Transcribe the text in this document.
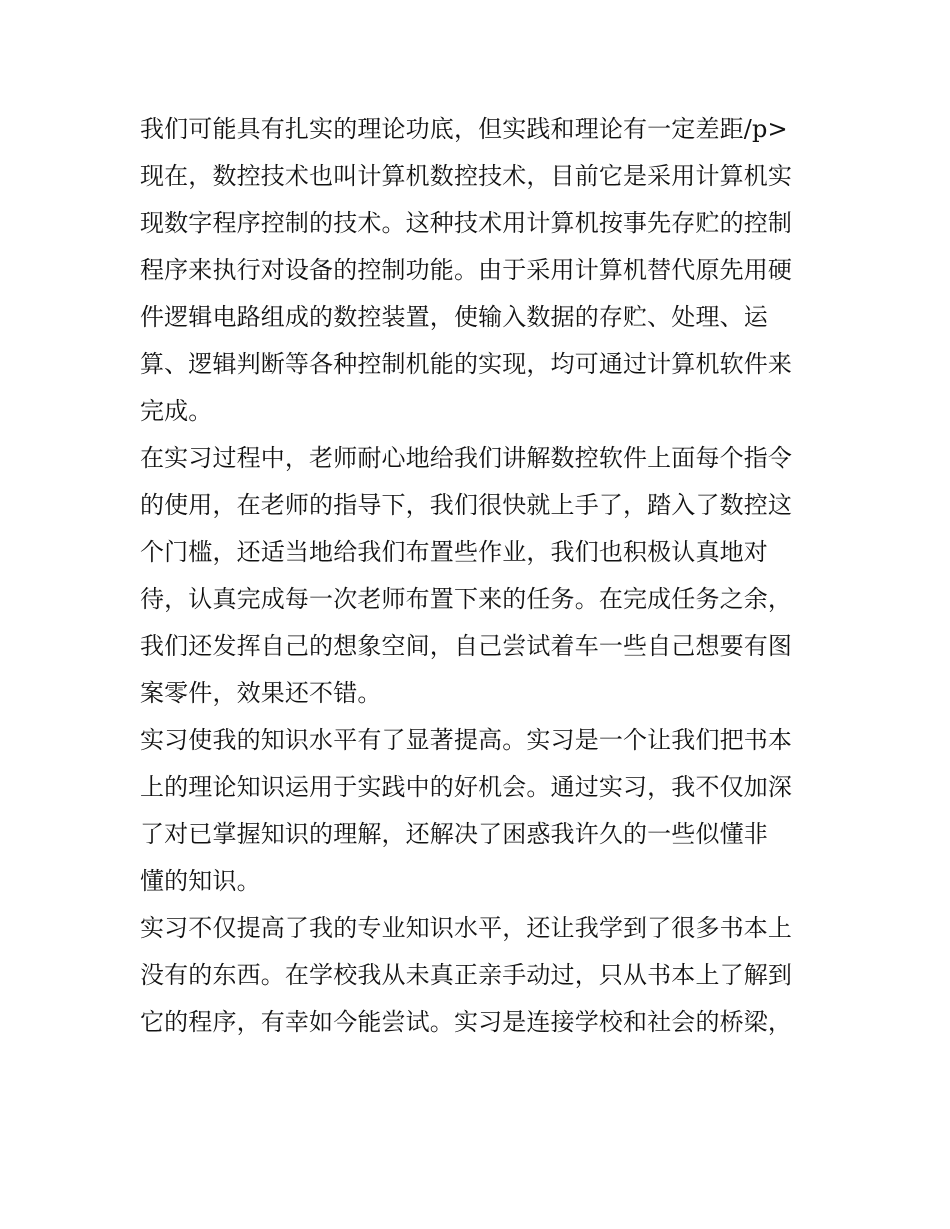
我们可能具有扎实的理论功底，但实践和理论有一定差距/p>
现在，数控技术也叫计算机数控技术，目前它是采用计算机实
现数字程序控制的技术。这种技术用计算机按事先存贮的控制
程序来执行对设备的控制功能。由于采用计算机替代原先用硬
件逻辑电路组成的数控装置，使输入数据的存贮、处理、运
算、逻辑判断等各种控制机能的实现，均可通过计算机软件来
完成。
在实习过程中，老师耐心地给我们讲解数控软件上面每个指令
的使用，在老师的指导下，我们很快就上手了，踏入了数控这
个门槛，还适当地给我们布置些作业，我们也积极认真地对
待，认真完成每一次老师布置下来的任务。在完成任务之余，
我们还发挥自己的想象空间，自己尝试着车一些自己想要有图
案零件，效果还不错。
实习使我的知识水平有了显著提高。实习是一个让我们把书本
上的理论知识运用于实践中的好机会。通过实习，我不仅加深
了对已掌握知识的理解，还解决了困惑我许久的一些似懂非
懂的知识。
实习不仅提高了我的专业知识水平，还让我学到了很多书本上
没有的东西。在学校我从未真正亲手动过，只从书本上了解到
它的程序，有幸如今能尝试。实习是连接学校和社会的桥梁，
